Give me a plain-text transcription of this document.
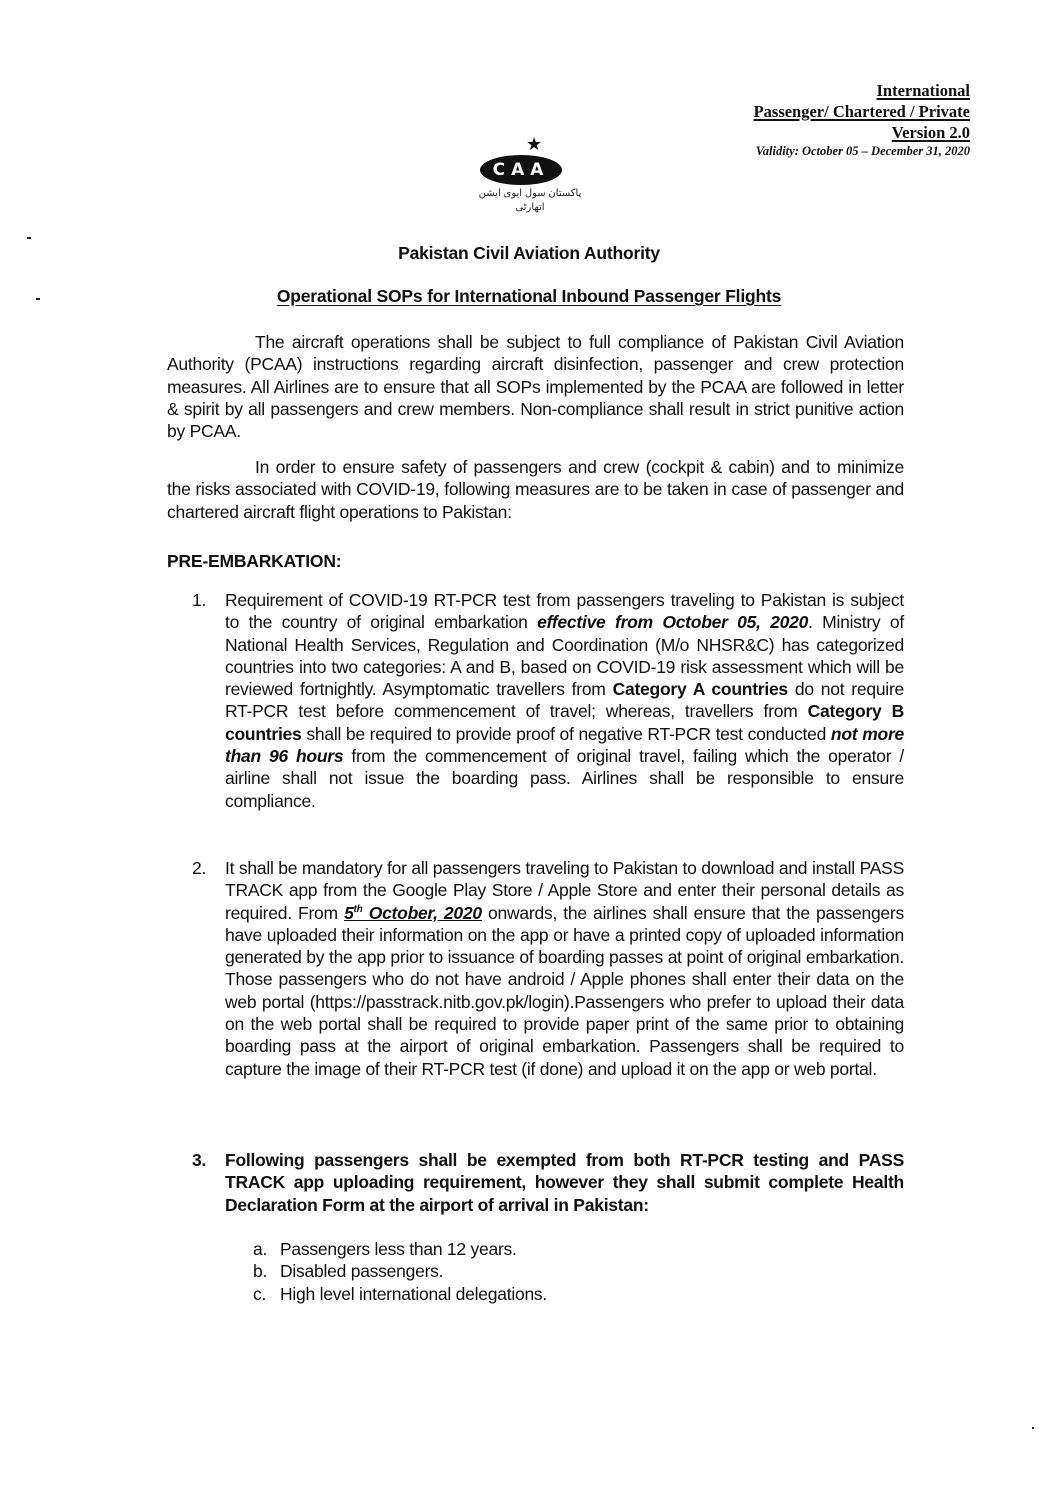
International
Passenger/ Chartered / Private
Version 2.0
Validity: October 05 – December 31, 2020
★
CAA
پاکستان سول ایوی ایشن اتھارٹی
Pakistan Civil Aviation Authority
Operational SOPs for International Inbound Passenger Flights
The aircraft operations shall be subject to full compliance of Pakistan Civil Aviation Authority (PCAA) instructions regarding aircraft disinfection, passenger and crew protection measures. All Airlines are to ensure that all SOPs implemented by the PCAA are followed in letter & spirit by all passengers and crew members. Non-compliance shall result in strict punitive action by PCAA.
In order to ensure safety of passengers and crew (cockpit & cabin) and to minimize the risks associated with COVID-19, following measures are to be taken in case of passenger and chartered aircraft flight operations to Pakistan:
PRE-EMBARKATION:
1.	Requirement of COVID-19 RT-PCR test from passengers traveling to Pakistan is subject to the country of original embarkation effective from October 05, 2020. Ministry of National Health Services, Regulation and Coordination (M/o NHSR&C) has categorized countries into two categories: A and B, based on COVID-19 risk assessment which will be reviewed fortnightly. Asymptomatic travellers from Category A countries do not require RT-PCR test before commencement of travel; whereas, travellers from Category B countries shall be required to provide proof of negative RT-PCR test conducted not more than 96 hours from the commencement of original travel, failing which the operator / airline shall not issue the boarding pass. Airlines shall be responsible to ensure compliance.
2.	It shall be mandatory for all passengers traveling to Pakistan to download and install PASS TRACK app from the Google Play Store / Apple Store and enter their personal details as required. From 5th October, 2020 onwards, the airlines shall ensure that the passengers have uploaded their information on the app or have a printed copy of uploaded information generated by the app prior to issuance of boarding passes at point of original embarkation. Those passengers who do not have android / Apple phones shall enter their data on the web portal (https://passtrack.nitb.gov.pk/login).Passengers who prefer to upload their data on the web portal shall be required to provide paper print of the same prior to obtaining boarding pass at the airport of original embarkation. Passengers shall be required to capture the image of their RT-PCR test (if done) and upload it on the app or web portal.
3.	Following passengers shall be exempted from both RT-PCR testing and PASS TRACK app uploading requirement, however they shall submit complete Health Declaration Form at the airport of arrival in Pakistan:
a. Passengers less than 12 years.
b. Disabled passengers.
c. High level international delegations.
